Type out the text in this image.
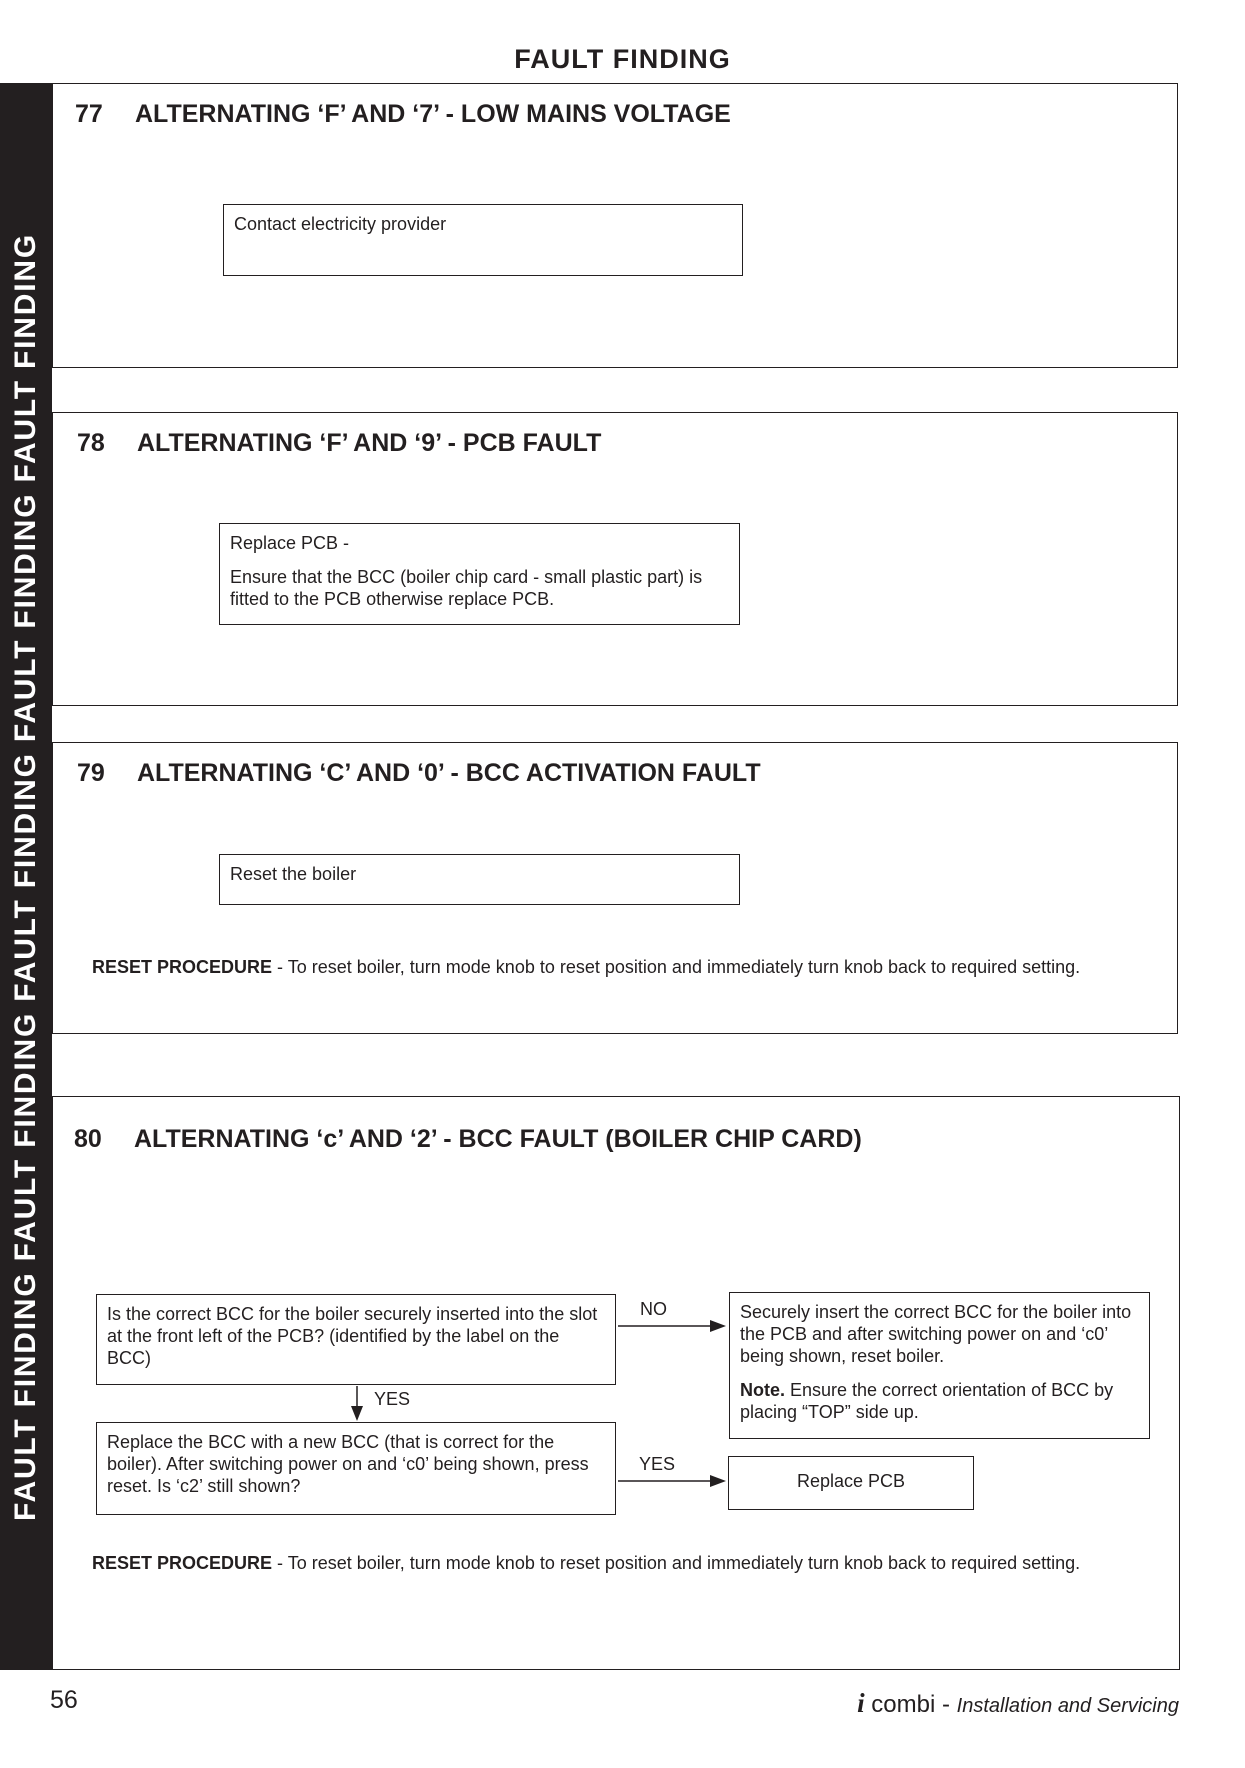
FAULT FINDING
FAULT FINDING FAULT FINDING FAULT FINDING FAULT FINDING FAULT FINDING
77 ALTERNATING ‘F’ AND ‘7’ - LOW MAINS VOLTAGE

Contact electricity provider

78 ALTERNATING ‘F’ AND ‘9’ - PCB FAULT

Replace PCB -

Ensure that the BCC (boiler chip card - small plastic part) is fitted to the PCB otherwise replace PCB.

79 ALTERNATING ‘C’ AND ‘0’ - BCC ACTIVATION FAULT

Reset the boiler

RESET PROCEDURE - To reset boiler, turn mode knob to reset position and immediately turn knob back to required setting.
80 ALTERNATING ‘c’ AND ‘2’ - BCC FAULT (BOILER CHIP CARD)
RESET PROCEDURE - To reset boiler, turn mode knob to reset position and immediately turn knob back to required setting.

Is the correct BCC for the boiler securely inserted into the slot at the front left of the PCB? (identified by the label on the BCC)

NO	Securely insert the correct BCC for the boiler into the PCB and after switching power on and ‘c0’ being shown, reset boiler.

Note. Ensure the correct orientation of BCC by placing “TOP” side up.

YES

Replace the BCC with a new BCC (that is correct for the boiler). After switching power on and ‘c0’ being shown, press reset. Is ‘c2’ still shown?

YES

Replace PCB

56	i combi - Installation and Servicing
